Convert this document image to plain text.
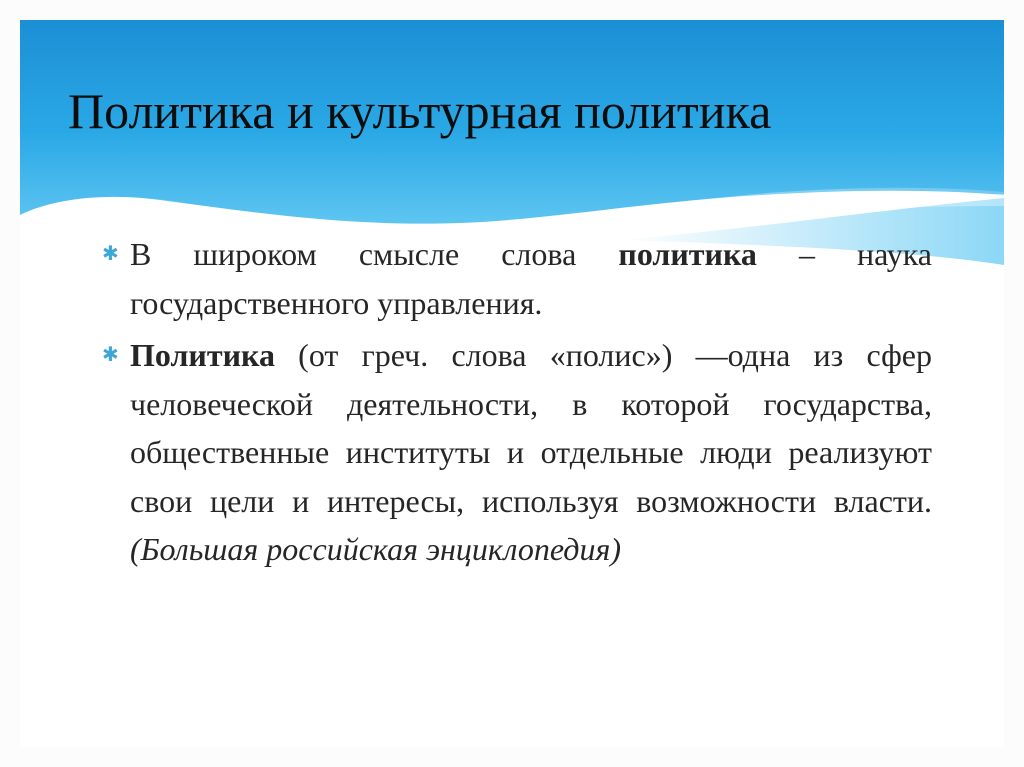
Политика и культурная политика

✱ В широком смысле слова политика – наука государственного управления.

✱ Политика (от греч. слова «полис») —одна из сфер человеческой деятельности, в которой государства, общественные институты и отдельные люди реализуют свои цели и интересы, используя возможности власти. (Большая российская энциклопедия)
